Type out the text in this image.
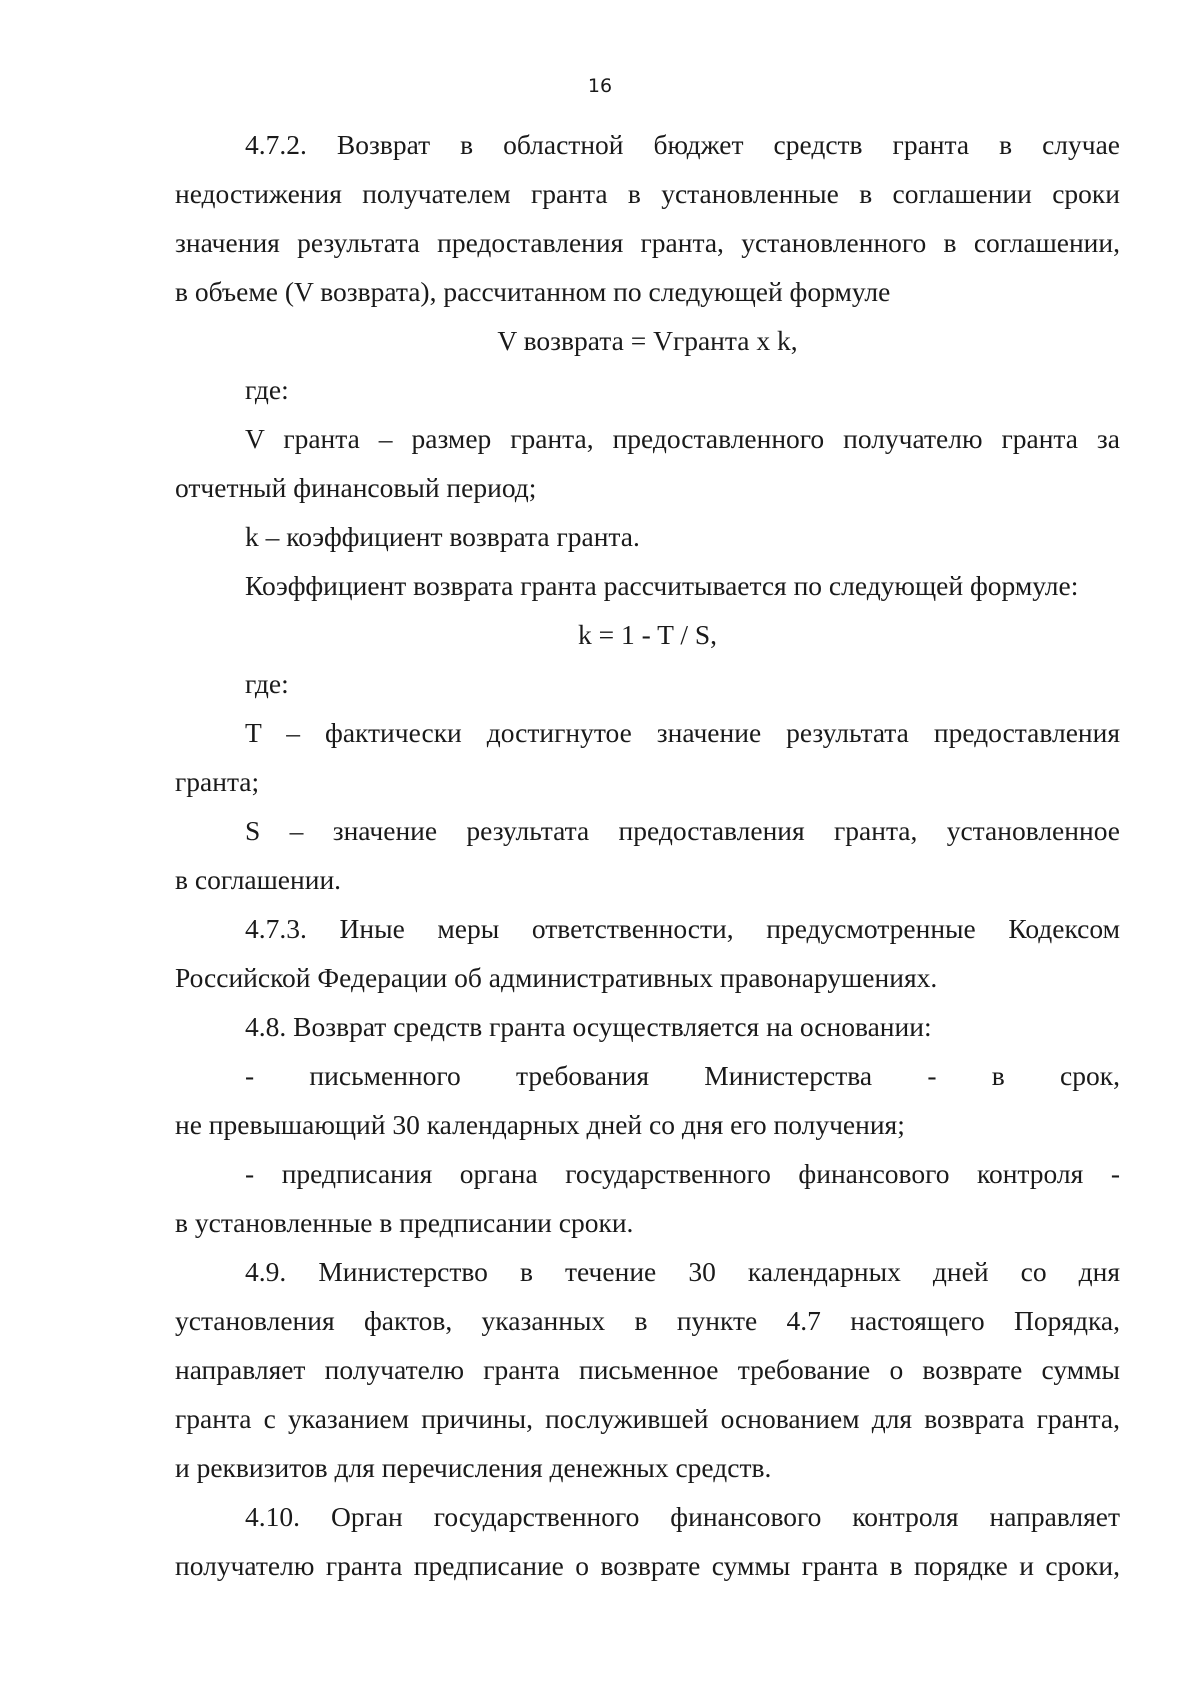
16
4.7.2. Возврат в областной бюджет средств гранта в случае
недостижения получателем гранта в установленные в соглашении сроки
значения результата предоставления гранта, установленного в соглашении,
в объеме (V возврата), рассчитанном по следующей формуле
V возврата = Vгранта x k,
где:
V гранта – размер гранта, предоставленного получателю гранта за
отчетный финансовый период;
k – коэффициент возврата гранта.
Коэффициент возврата гранта рассчитывается по следующей формуле:
k = 1 - T / S,
где:
T – фактически достигнутое значение результата предоставления
гранта;
S – значение результата предоставления гранта, установленное
в соглашении.
4.7.3. Иные меры ответственности, предусмотренные Кодексом
Российской Федерации об административных правонарушениях.
4.8. Возврат средств гранта осуществляется на основании:
- письменного требования Министерства - в срок,
не превышающий 30 календарных дней со дня его получения;
- предписания органа государственного финансового контроля -
в установленные в предписании сроки.
4.9. Министерство в течение 30 календарных дней со дня
установления фактов, указанных в пункте 4.7 настоящего Порядка,
направляет получателю гранта письменное требование о возврате суммы
гранта с указанием причины, послужившей основанием для возврата гранта,
и реквизитов для перечисления денежных средств.
4.10. Орган государственного финансового контроля направляет
получателю гранта предписание о возврате суммы гранта в порядке и сроки,
